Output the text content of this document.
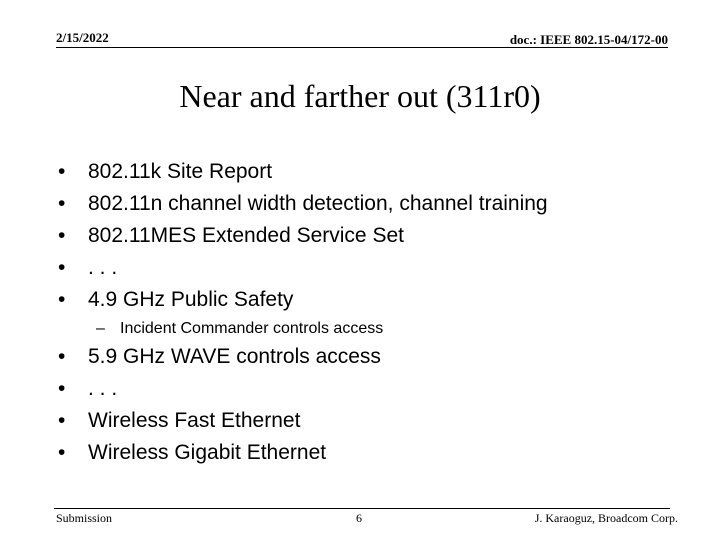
2/15/2022	doc.: IEEE 802.15-04/172-00
Near and farther out (311r0)
• 802.11k Site Report
• 802.11n channel width detection, channel training
• 802.11MES Extended Service Set
• . . .
• 4.9 GHz Public Safety
– Incident Commander controls access
• 5.9 GHz WAVE controls access
• . . .
• Wireless Fast Ethernet
• Wireless Gigabit Ethernet
Submission	6	J. Karaoguz, Broadcom Corp.
